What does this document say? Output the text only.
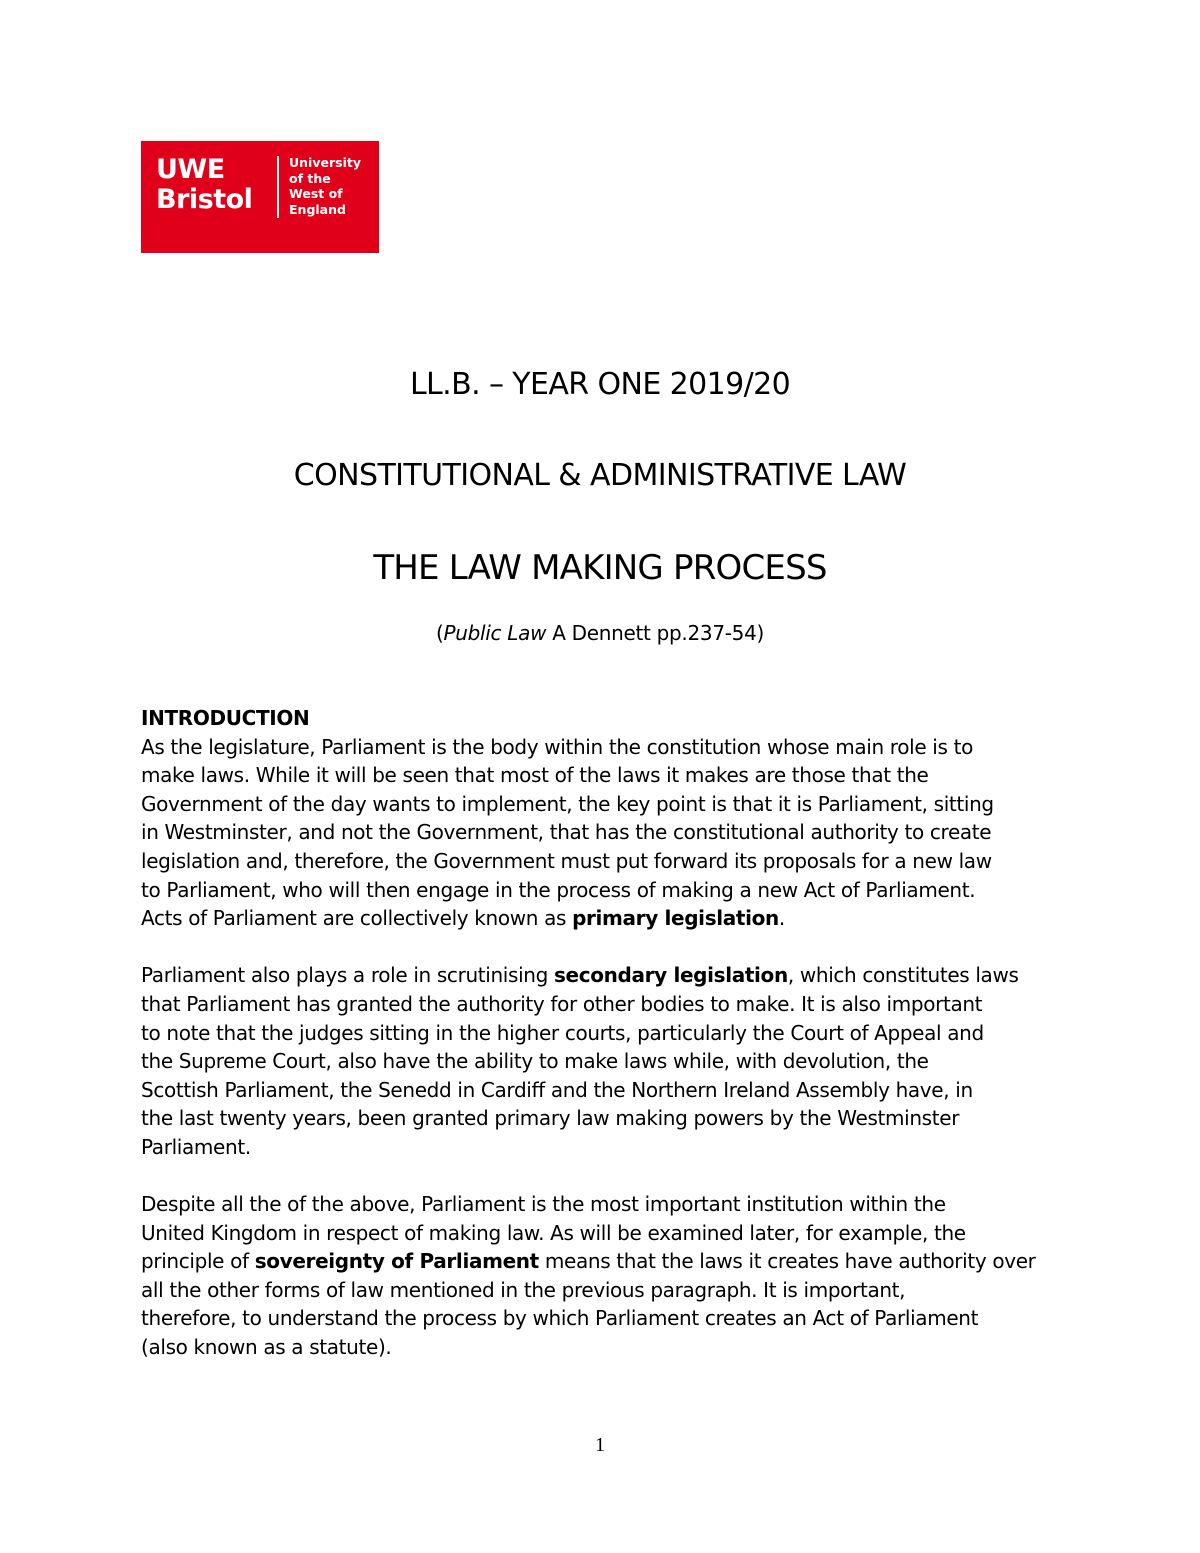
UWE
Bristol
University
of the
West of
England
LL.B. – YEAR ONE 2019/20
CONSTITUTIONAL & ADMINISTRATIVE LAW
THE LAW MAKING PROCESS
(Public Law A Dennett pp.237-54)
INTRODUCTION
As the legislature, Parliament is the body within the constitution whose main role is to
make laws. While it will be seen that most of the laws it makes are those that the
Government of the day wants to implement, the key point is that it is Parliament, sitting
in Westminster, and not the Government, that has the constitutional authority to create
legislation and, therefore, the Government must put forward its proposals for a new law
to Parliament, who will then engage in the process of making a new Act of Parliament.
Acts of Parliament are collectively known as primary legislation.
Parliament also plays a role in scrutinising secondary legislation, which constitutes laws
that Parliament has granted the authority for other bodies to make. It is also important
to note that the judges sitting in the higher courts, particularly the Court of Appeal and
the Supreme Court, also have the ability to make laws while, with devolution, the
Scottish Parliament, the Senedd in Cardiff and the Northern Ireland Assembly have, in
the last twenty years, been granted primary law making powers by the Westminster
Parliament.
Despite all the of the above, Parliament is the most important institution within the
United Kingdom in respect of making law. As will be examined later, for example, the
principle of sovereignty of Parliament means that the laws it creates have authority over
all the other forms of law mentioned in the previous paragraph. It is important,
therefore, to understand the process by which Parliament creates an Act of Parliament
(also known as a statute).
1
